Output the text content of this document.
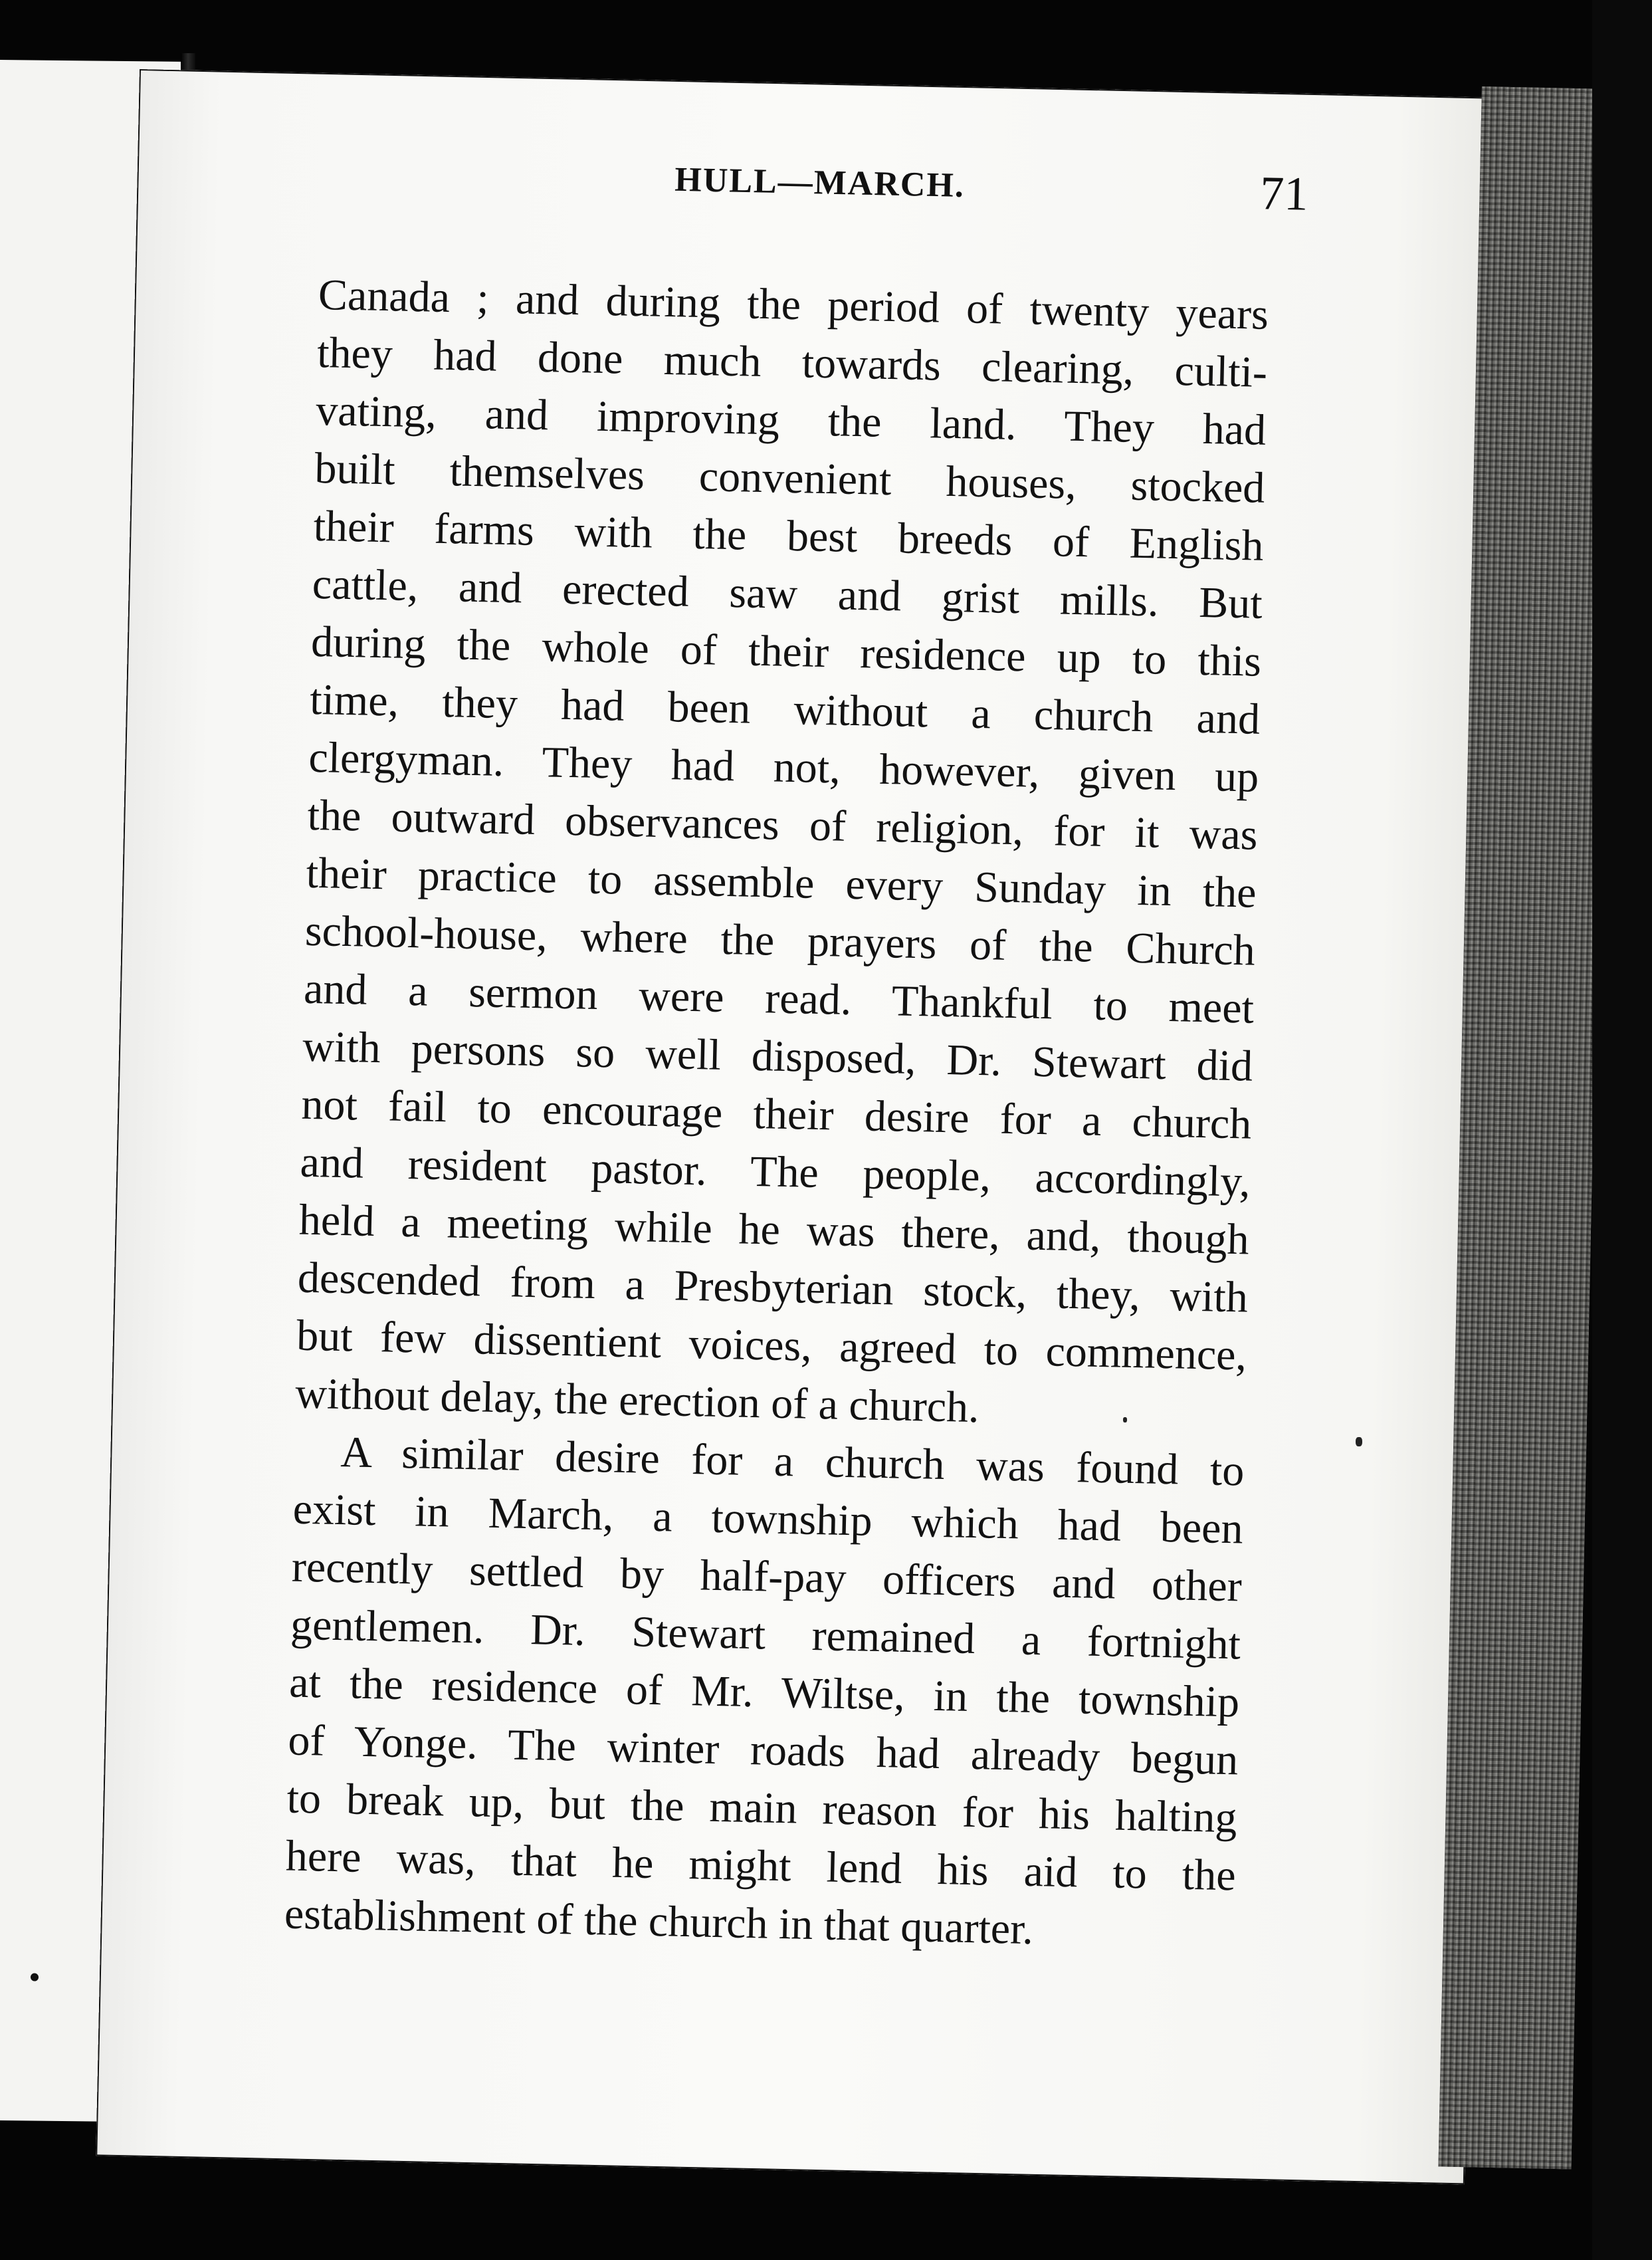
HULL—MARCH.	71
Canada ; and during the period of twenty years
they had done much towards clearing, culti-
vating, and improving the land. They had
built themselves convenient houses, stocked
their farms with the best breeds of English
cattle, and erected saw and grist mills. But
during the whole of their residence up to this
time, they had been without a church and
clergyman. They had not, however, given up
the outward observances of religion, for it was
their practice to assemble every Sunday in the
school-house, where the prayers of the Church
and a sermon were read. Thankful to meet
with persons so well disposed, Dr. Stewart did
not fail to encourage their desire for a church
and resident pastor. The people, accordingly,
held a meeting while he was there, and, though
descended from a Presbyterian stock, they, with
but few dissentient voices, agreed to commence,
without delay, the erection of a church.
A similar desire for a church was found to
exist in March, a township which had been
recently settled by half-pay officers and other
gentlemen. Dr. Stewart remained a fortnight
at the residence of Mr. Wiltse, in the township
of Yonge. The winter roads had already begun
to break up, but the main reason for his halting
here was, that he might lend his aid to the
establishment of the church in that quarter.
